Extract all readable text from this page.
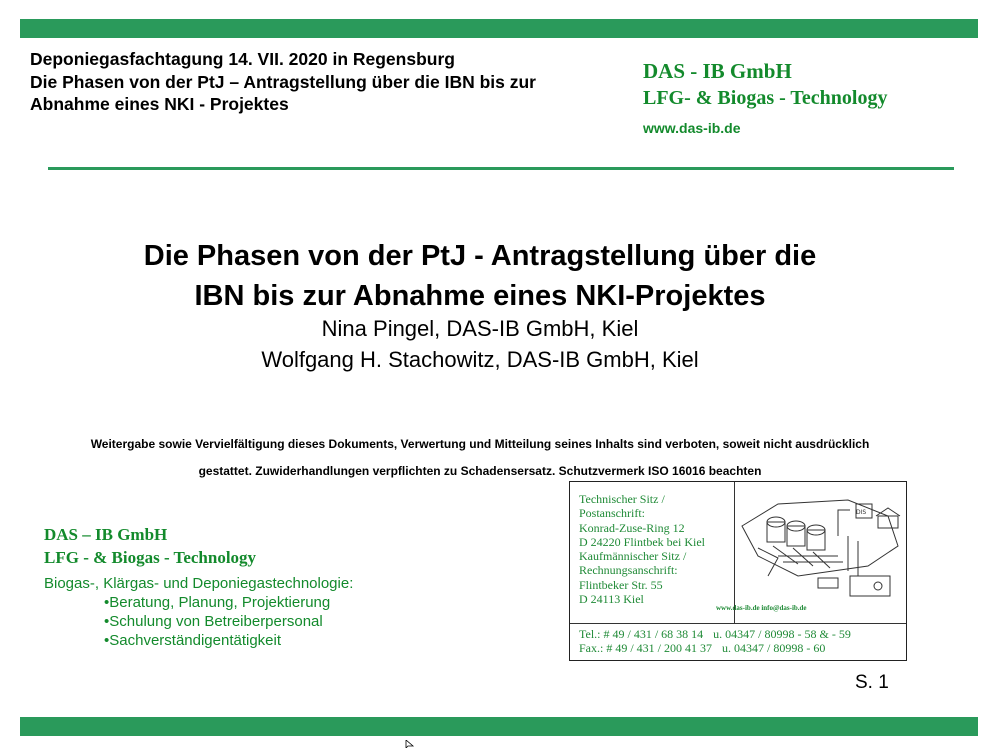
Deponiegasfachtagung 14. VII. 2020 in Regensburg
Die Phasen von der PtJ – Antragstellung über die IBN bis zur
Abnahme eines NKI - Projektes
DAS - IB GmbH
LFG- & Biogas - Technology
www.das-ib.de
Die Phasen von der PtJ - Antragstellung über die
IBN bis zur Abnahme eines NKI-Projektes
Nina Pingel, DAS-IB GmbH, Kiel
Wolfgang H. Stachowitz, DAS-IB GmbH, Kiel
Weitergabe sowie Vervielfältigung dieses Dokuments, Verwertung und Mitteilung seines Inhalts sind verboten, soweit nicht ausdrücklich
gestattet. Zuwiderhandlungen verpflichten zu Schadensersatz. Schutzvermerk ISO 16016 beachten
DAS – IB GmbH
LFG - & Biogas - Technology
Biogas-, Klärgas- und Deponiegastechnologie:
•Beratung, Planung, Projektierung
•Schulung von Betreiberpersonal
•Sachverständigentätigkeit
Technischer Sitz /
Postanschrift:
Konrad-Zuse-Ring 12
D 24220 Flintbek bei Kiel
Kaufmännischer Sitz /
Rechnungsanschrift:
Flintbeker Str. 55
D 24113 Kiel
DIS
www.das-ib.de info@das-ib.de
Tel.: # 49 / 431 / 68 38 14 u. 04347 / 80998 - 58 & - 59
Fax.: # 49 / 431 / 200 41 37 u. 04347 / 80998 - 60
S. 1
